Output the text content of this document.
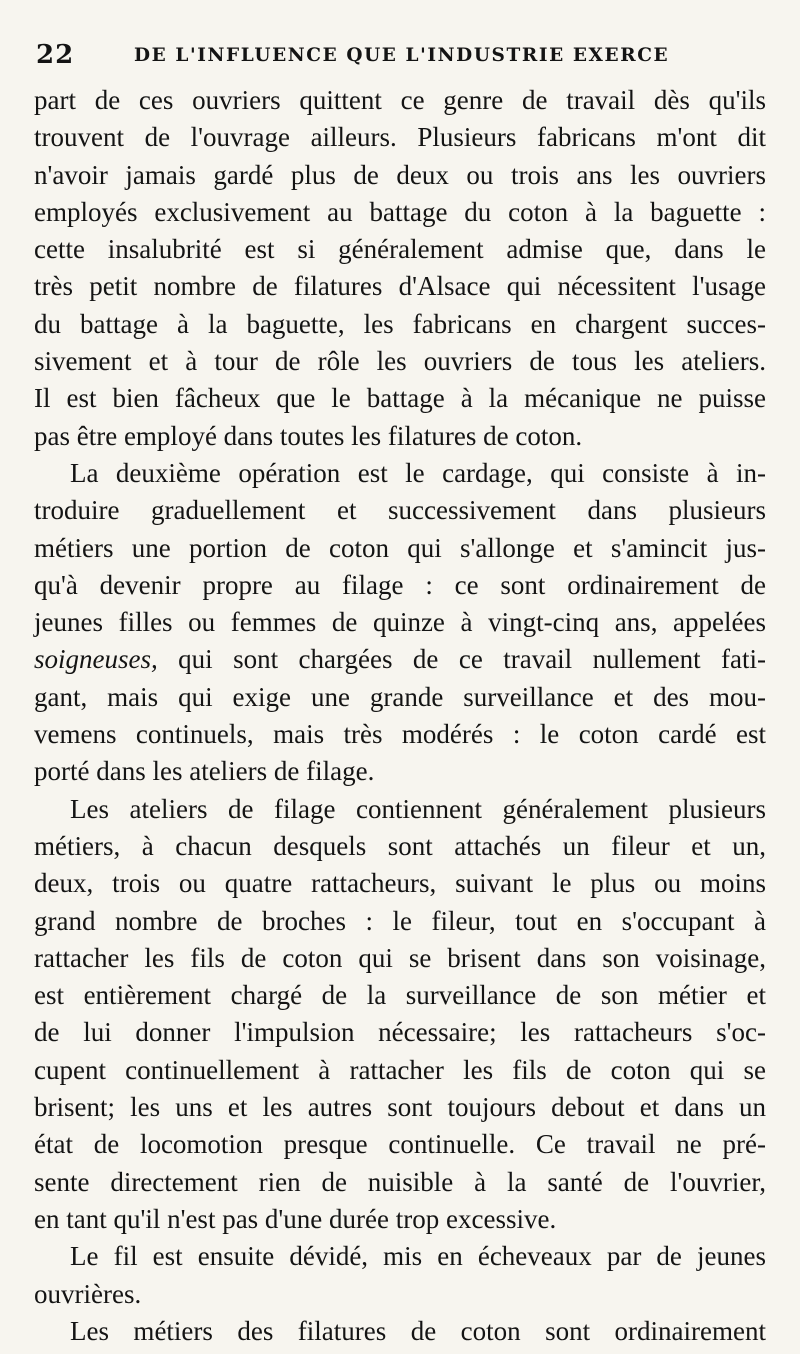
22	DE L'INFLUENCE QUE L'INDUSTRIE EXERCE

part de ces ouvriers quittent ce genre de travail dès qu'ils
trouvent de l'ouvrage ailleurs. Plusieurs fabricans m'ont dit
n'avoir jamais gardé plus de deux ou trois ans les ouvriers
employés exclusivement au battage du coton à la baguette :
cette insalubrité est si généralement admise que, dans le
très petit nombre de filatures d'Alsace qui nécessitent l'usage
du battage à la baguette, les fabricans en chargent succes-
sivement et à tour de rôle les ouvriers de tous les ateliers.
Il est bien fâcheux que le battage à la mécanique ne puisse
pas être employé dans toutes les filatures de coton.

La deuxième opération est le cardage, qui consiste à in-
troduire graduellement et successivement dans plusieurs
métiers une portion de coton qui s'allonge et s'amincit jus-
qu'à devenir propre au filage : ce sont ordinairement de
jeunes filles ou femmes de quinze à vingt-cinq ans, appelées
soigneuses, qui sont chargées de ce travail nullement fati-
gant, mais qui exige une grande surveillance et des mou-
vemens continuels, mais très modérés : le coton cardé est
porté dans les ateliers de filage.

Les ateliers de filage contiennent généralement plusieurs
métiers, à chacun desquels sont attachés un fileur et un,
deux, trois ou quatre rattacheurs, suivant le plus ou moins
grand nombre de broches : le fileur, tout en s'occupant à
rattacher les fils de coton qui se brisent dans son voisinage,
est entièrement chargé de la surveillance de son métier et
de lui donner l'impulsion nécessaire; les rattacheurs s'oc-
cupent continuellement à rattacher les fils de coton qui se
brisent; les uns et les autres sont toujours debout et dans un
état de locomotion presque continuelle. Ce travail ne pré-
sente directement rien de nuisible à la santé de l'ouvrier,
en tant qu'il n'est pas d'une durée trop excessive.

Le fil est ensuite dévidé, mis en écheveaux par de jeunes
ouvrières.

Les métiers des filatures de coton sont ordinairement
